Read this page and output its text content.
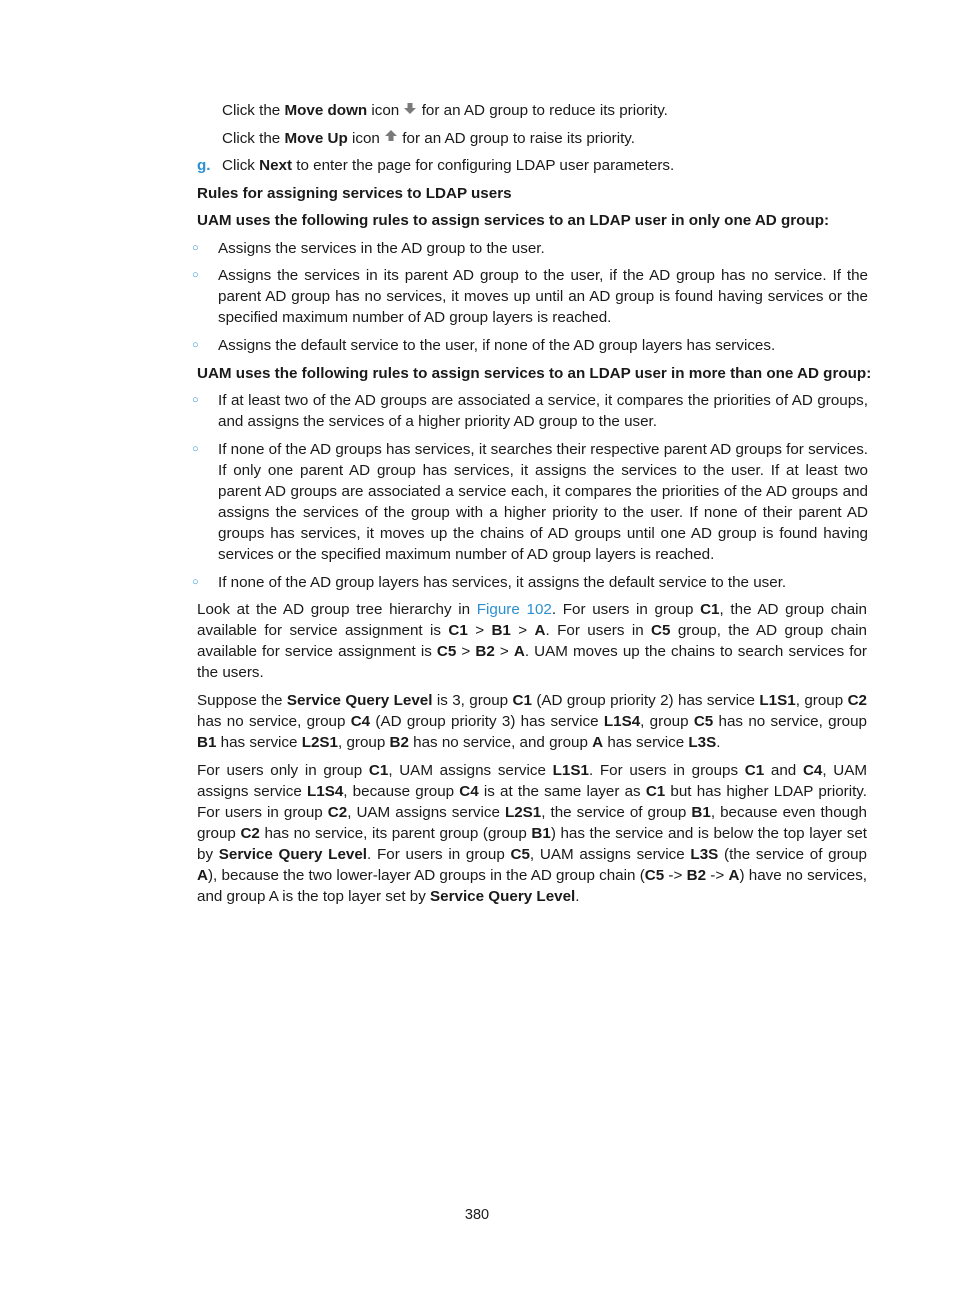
Click the Move down icon  for an AD group to reduce its priority.
Click the Move Up icon  for an AD group to raise its priority.
g. Click Next to enter the page for configuring LDAP user parameters.
Rules for assigning services to LDAP users
UAM uses the following rules to assign services to an LDAP user in only one AD group:
○ Assigns the services in the AD group to the user.
○ Assigns the services in its parent AD group to the user, if the AD group has no service. If the parent AD group has no services, it moves up until an AD group is found having services or the specified maximum number of AD group layers is reached.
○ Assigns the default service to the user, if none of the AD group layers has services.
UAM uses the following rules to assign services to an LDAP user in more than one AD group:
○ If at least two of the AD groups are associated a service, it compares the priorities of AD groups, and assigns the services of a higher priority AD group to the user.
○ If none of the AD groups has services, it searches their respective parent AD groups for services. If only one parent AD group has services, it assigns the services to the user. If at least two parent AD groups are associated a service each, it compares the priorities of the AD groups and assigns the services of the group with a higher priority to the user. If none of their parent AD groups has services, it moves up the chains of AD groups until one AD group is found having services or the specified maximum number of AD group layers is reached.
○ If none of the AD group layers has services, it assigns the default service to the user.
Look at the AD group tree hierarchy in Figure 102. For users in group C1, the AD group chain available for service assignment is C1 > B1 > A. For users in C5 group, the AD group chain available for service assignment is C5 > B2 > A. UAM moves up the chains to search services for the users.
Suppose the Service Query Level is 3, group C1 (AD group priority 2) has service L1S1, group C2 has no service, group C4 (AD group priority 3) has service L1S4, group C5 has no service, group B1 has service L2S1, group B2 has no service, and group A has service L3S.
For users only in group C1, UAM assigns service L1S1. For users in groups C1 and C4, UAM assigns service L1S4, because group C4 is at the same layer as C1 but has higher LDAP priority. For users in group C2, UAM assigns service L2S1, the service of group B1, because even though group C2 has no service, its parent group (group B1) has the service and is below the top layer set by Service Query Level. For users in group C5, UAM assigns service L3S (the service of group A), because the two lower-layer AD groups in the AD group chain (C5 -> B2 -> A) have no services, and group A is the top layer set by Service Query Level.
380
